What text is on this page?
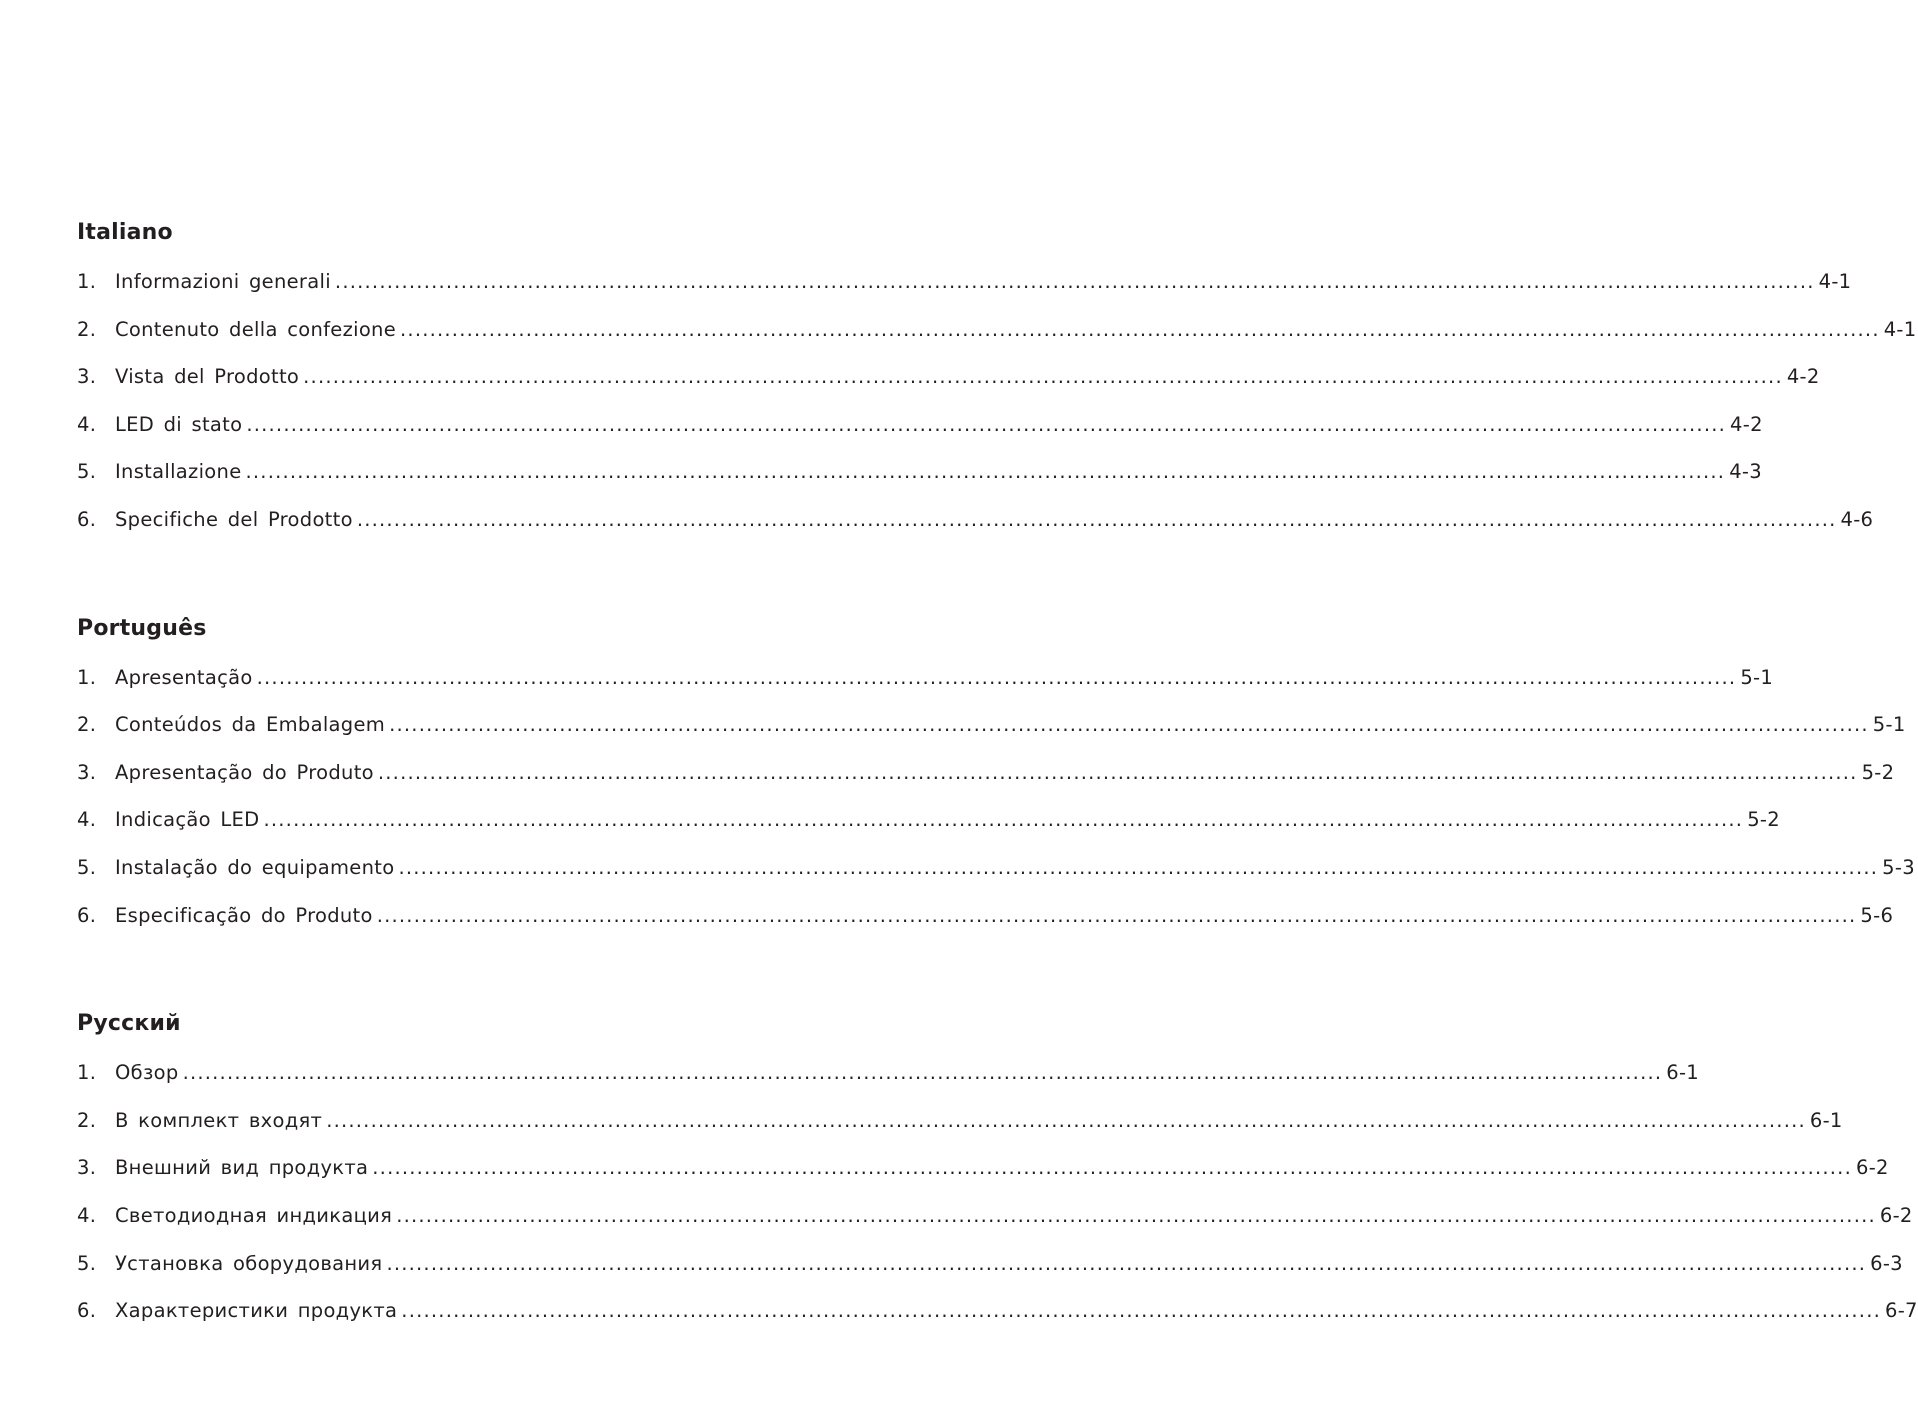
Italiano
1. Informazioni generali ........................................................................................................................................................................................................ 4-1
2. Contenuto della confezione ........................................................................................................................................................................................................ 4-1
3. Vista del Prodotto ........................................................................................................................................................................................................ 4-2
4. LED di stato ........................................................................................................................................................................................................ 4-2
5. Installazione ........................................................................................................................................................................................................ 4-3
6. Specifiche del Prodotto ........................................................................................................................................................................................................ 4-6
Português
1. Apresentação ........................................................................................................................................................................................................ 5-1
2. Conteúdos da Embalagem ........................................................................................................................................................................................................ 5-1
3. Apresentação do Produto ........................................................................................................................................................................................................ 5-2
4. Indicação LED ........................................................................................................................................................................................................ 5-2
5. Instalação do equipamento ........................................................................................................................................................................................................ 5-3
6. Especificação do Produto ........................................................................................................................................................................................................ 5-6
Русский
1. Обзор ........................................................................................................................................................................................................ 6-1
2. В комплект входят ........................................................................................................................................................................................................ 6-1
3. Внешний вид продукта ........................................................................................................................................................................................................ 6-2
4. Светодиодная индикация ........................................................................................................................................................................................................ 6-2
5. Установка оборудования ........................................................................................................................................................................................................ 6-3
6. Характеристики продукта ........................................................................................................................................................................................................ 6-7
